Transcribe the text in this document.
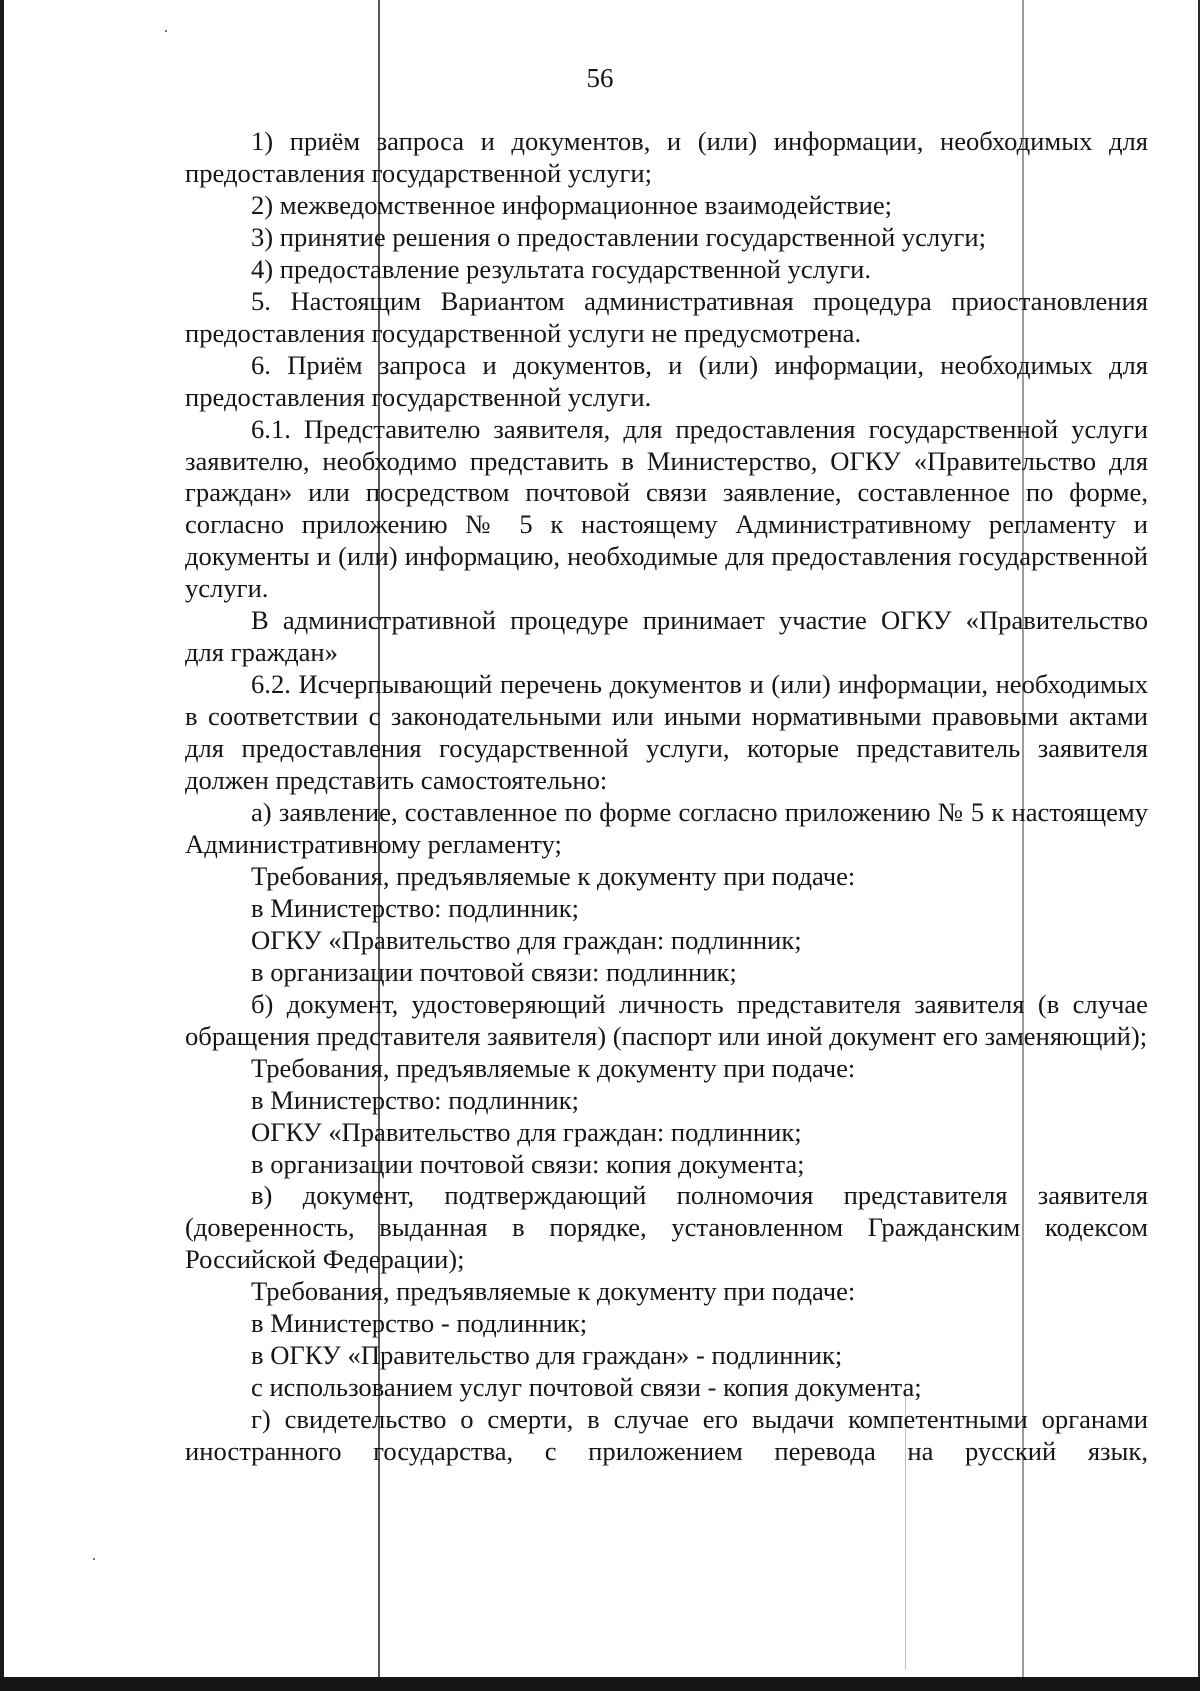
56

1) приём запроса и документов, и (или) информации, необходимых для предоставления государственной услуги;

2) межведомственное информационное взаимодействие;

3) принятие решения о предоставлении государственной услуги;

4) предоставление результата государственной услуги.

5. Настоящим Вариантом административная процедура приостановления предоставления государственной услуги не предусмотрена.

6. Приём запроса и документов, и (или) информации, необходимых для предоставления государственной услуги.

6.1. Представителю заявителя, для предоставления государственной услуги заявителю, необходимо представить в Министерство, ОГКУ «Правительство для граждан» или посредством почтовой связи заявление, составленное по форме, согласно приложению № 5 к настоящему Административному регламенту и документы и (или) информацию, необходимые для предоставления государственной услуги.

В административной процедуре принимает участие ОГКУ «Правительство для граждан»

6.2. Исчерпывающий перечень документов и (или) информации, необходимых в соответствии с законодательными или иными нормативными правовыми актами для предоставления государственной услуги, которые представитель заявителя должен представить самостоятельно:

а) заявление, составленное по форме согласно приложению № 5 к настоящему Административному регламенту;

Требования, предъявляемые к документу при подаче:

в Министерство: подлинник;

ОГКУ «Правительство для граждан: подлинник;

в организации почтовой связи: подлинник;

б) документ, удостоверяющий личность представителя заявителя (в случае обращения представителя заявителя) (паспорт или иной документ его заменяющий);

Требования, предъявляемые к документу при подаче:

в Министерство: подлинник;

ОГКУ «Правительство для граждан: подлинник;

в организации почтовой связи: копия документа;

в) документ, подтверждающий полномочия представителя заявителя (доверенность, выданная в порядке, установленном Гражданским кодексом Российской Федерации);

Требования, предъявляемые к документу при подаче:

в Министерство - подлинник;

в ОГКУ «Правительство для граждан» - подлинник;

с использованием услуг почтовой связи - копия документа;

г) свидетельство о смерти, в случае его выдачи компетентными органами иностранного государства, с приложением перевода на русский язык,
